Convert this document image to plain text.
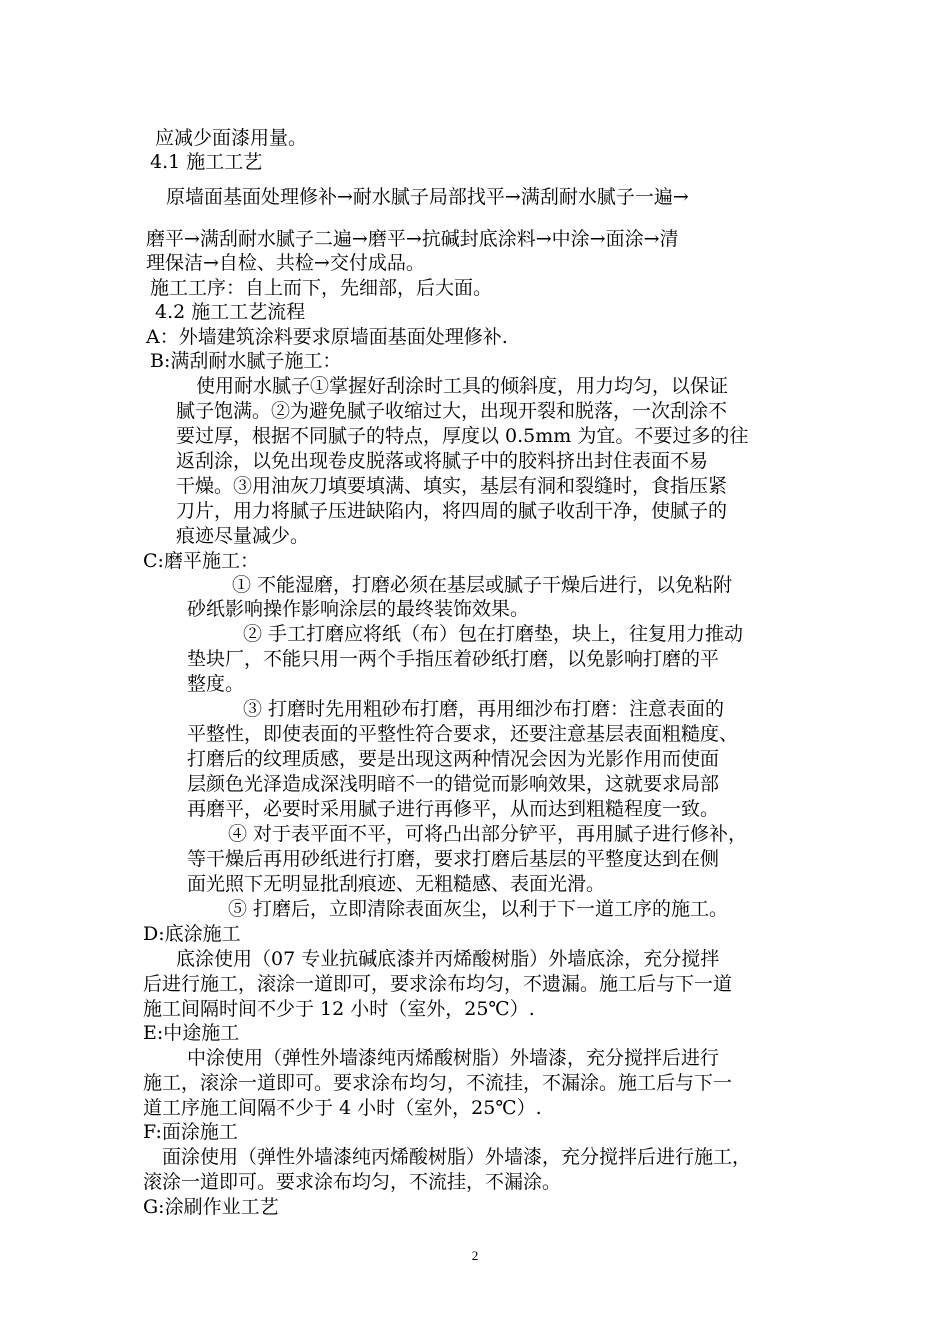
应减少面漆用量。

4.1 施工工艺

原墙面基面处理修补→耐水腻子局部找平→满刮耐水腻子一遍→

磨平→满刮耐水腻子二遍→磨平→抗碱封底涂料→中涂→面涂→清

理保洁→自检、共检→交付成品。

施工工序：自上而下，先细部，后大面。

4.2 施工工艺流程

A：外墙建筑涂料要求原墙面基面处理修补.

B:满刮耐水腻子施工：

使用耐水腻子①掌握好刮涂时工具的倾斜度，用力均匀，以保证

腻子饱满。②为避免腻子收缩过大，出现开裂和脱落，一次刮涂不

要过厚，根据不同腻子的特点，厚度以 0.5mm 为宜。不要过多的往

返刮涂，以免出现卷皮脱落或将腻子中的胶料挤出封住表面不易

干燥。③用油灰刀填要填满、填实，基层有洞和裂缝时，食指压紧

刀片，用力将腻子压进缺陷内，将四周的腻子收刮干净，使腻子的

痕迹尽量减少。

C:磨平施工：

① 不能湿磨，打磨必须在基层或腻子干燥后进行，以免粘附

砂纸影响操作影响涂层的最终装饰效果。

② 手工打磨应将纸（布）包在打磨垫，块上，往复用力推动

垫块厂，不能只用一两个手指压着砂纸打磨，以免影响打磨的平

整度。

③ 打磨时先用粗砂布打磨，再用细沙布打磨：注意表面的

平整性，即使表面的平整性符合要求，还要注意基层表面粗糙度、

打磨后的纹理质感，要是出现这两种情况会因为光影作用而使面

层颜色光泽造成深浅明暗不一的错觉而影响效果，这就要求局部

再磨平，必要时采用腻子进行再修平，从而达到粗糙程度一致。

④ 对于表平面不平，可将凸出部分铲平，再用腻子进行修补，

等干燥后再用砂纸进行打磨，要求打磨后基层的平整度达到在侧

面光照下无明显批刮痕迹、无粗糙感、表面光滑。

⑤ 打磨后，立即清除表面灰尘，以利于下一道工序的施工。

D:底涂施工

底涂使用（07 专业抗碱底漆并丙烯酸树脂）外墙底涂，充分搅拌

后进行施工，滚涂一道即可，要求涂布均匀，不遗漏。施工后与下一道

施工间隔时间不少于 12 小时（室外，25℃）.

E:中途施工

中涂使用（弹性外墙漆纯丙烯酸树脂）外墙漆，充分搅拌后进行

施工，滚涂一道即可。要求涂布均匀，不流挂，不漏涂。施工后与下一

道工序施工间隔不少于 4 小时（室外，25℃）.

F:面涂施工

面涂使用（弹性外墙漆纯丙烯酸树脂）外墙漆，充分搅拌后进行施工，

滚涂一道即可。要求涂布均匀，不流挂，不漏涂。

G:涂刷作业工艺

2
